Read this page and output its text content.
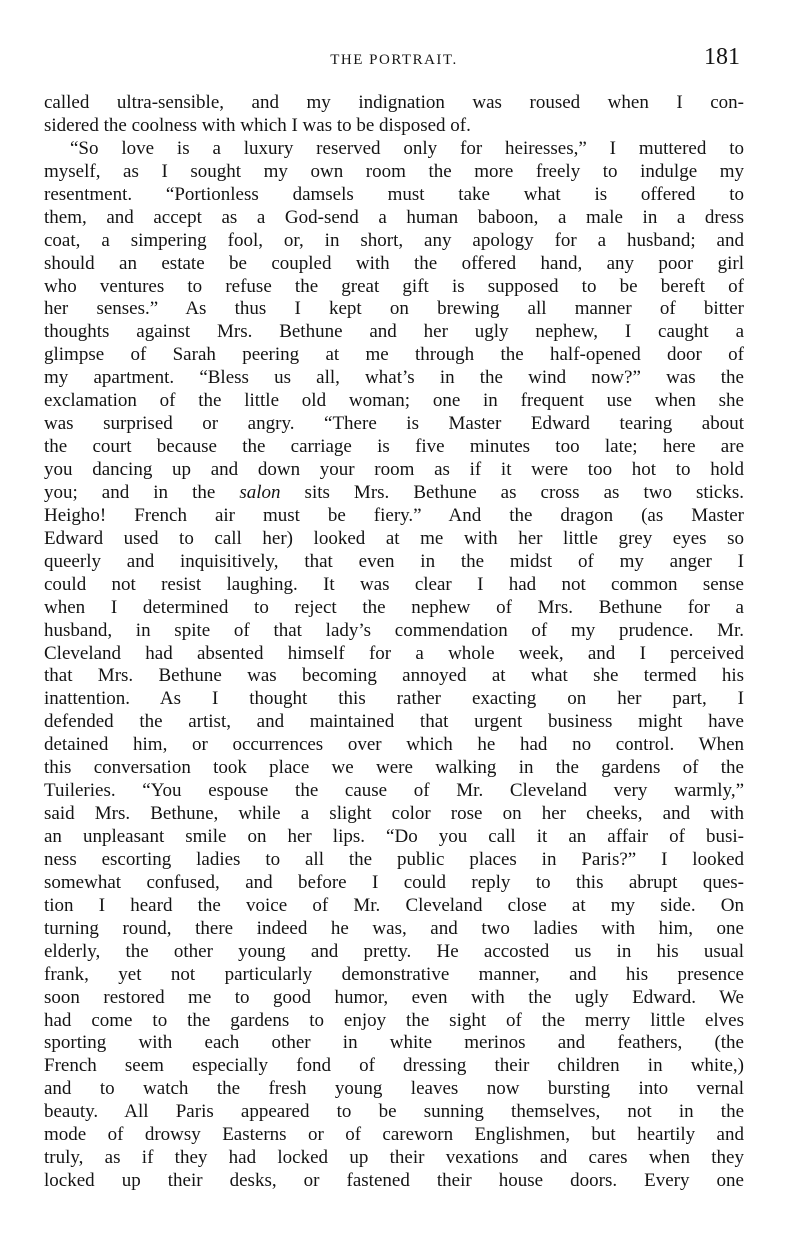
THE PORTRAIT.	181
called ultra-sensible, and my indignation was roused when I con-
sidered the coolness with which I was to be disposed of.
“So love is a luxury reserved only for heiresses,” I muttered to
myself, as I sought my own room the more freely to indulge my
resentment. “Portionless damsels must take what is offered to
them, and accept as a God-send a human baboon, a male in a dress
coat, a simpering fool, or, in short, any apology for a husband; and
should an estate be coupled with the offered hand, any poor girl
who ventures to refuse the great gift is supposed to be bereft of
her senses.” As thus I kept on brewing all manner of bitter
thoughts against Mrs. Bethune and her ugly nephew, I caught a
glimpse of Sarah peering at me through the half-opened door of
my apartment. “Bless us all, what’s in the wind now?” was the
exclamation of the little old woman; one in frequent use when she
was surprised or angry. “There is Master Edward tearing about
the court because the carriage is five minutes too late; here are
you dancing up and down your room as if it were too hot to hold
you; and in the salon sits Mrs. Bethune as cross as two sticks.
Heigho! French air must be fiery.” And the dragon (as Master
Edward used to call her) looked at me with her little grey eyes so
queerly and inquisitively, that even in the midst of my anger I
could not resist laughing. It was clear I had not common sense
when I determined to reject the nephew of Mrs. Bethune for a
husband, in spite of that lady’s commendation of my prudence. Mr.
Cleveland had absented himself for a whole week, and I perceived
that Mrs. Bethune was becoming annoyed at what she termed his
inattention. As I thought this rather exacting on her part, I
defended the artist, and maintained that urgent business might have
detained him, or occurrences over which he had no control. When
this conversation took place we were walking in the gardens of the
Tuileries. “You espouse the cause of Mr. Cleveland very warmly,”
said Mrs. Bethune, while a slight color rose on her cheeks, and with
an unpleasant smile on her lips. “Do you call it an affair of busi-
ness escorting ladies to all the public places in Paris?” I looked
somewhat confused, and before I could reply to this abrupt ques-
tion I heard the voice of Mr. Cleveland close at my side. On
turning round, there indeed he was, and two ladies with him, one
elderly, the other young and pretty. He accosted us in his usual
frank, yet not particularly demonstrative manner, and his presence
soon restored me to good humor, even with the ugly Edward. We
had come to the gardens to enjoy the sight of the merry little elves
sporting with each other in white merinos and feathers, (the
French seem especially fond of dressing their children in white,)
and to watch the fresh young leaves now bursting into vernal
beauty. All Paris appeared to be sunning themselves, not in the
mode of drowsy Easterns or of careworn Englishmen, but heartily and
truly, as if they had locked up their vexations and cares when they
locked up their desks, or fastened their house doors. Every one
